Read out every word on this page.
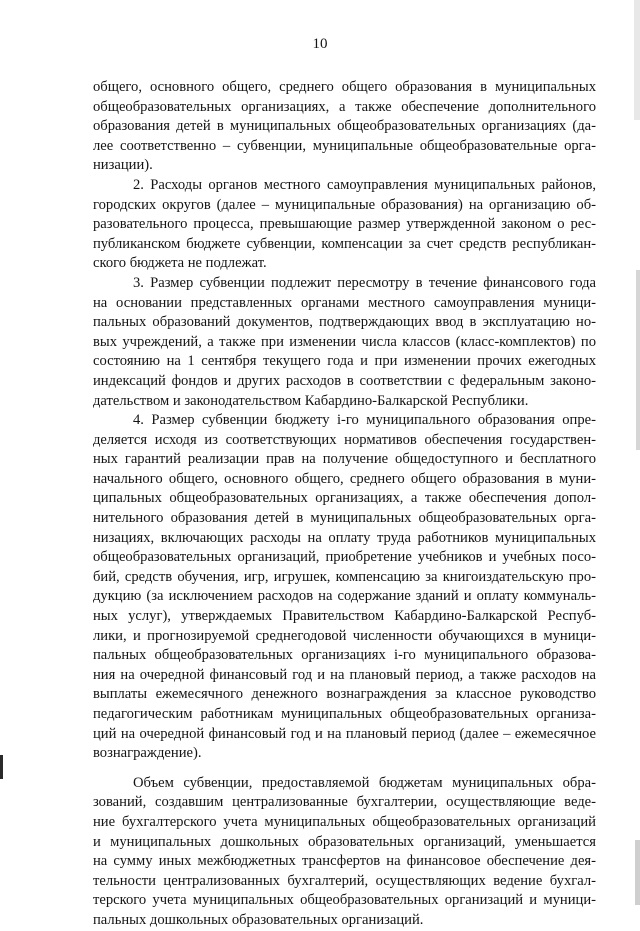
10
общего, основного общего, среднего общего образования в муниципальных
общеобразовательных организациях, а также обеспечение дополнительного
образования детей в муниципальных общеобразовательных организациях (да-
лее соответственно – субвенции, муниципальные общеобразовательные орга-
низации).
2. Расходы органов местного самоуправления муниципальных районов,
городских округов (далее – муниципальные образования) на организацию об-
разовательного процесса, превышающие размер утвержденной законом о рес-
публиканском бюджете субвенции, компенсации за счет средств республикан-
ского бюджета не подлежат.
3. Размер субвенции подлежит пересмотру в течение финансового года
на основании представленных органами местного самоуправления муници-
пальных образований документов, подтверждающих ввод в эксплуатацию но-
вых учреждений, а также при изменении числа классов (класс-комплектов) по
состоянию на 1 сентября текущего года и при изменении прочих ежегодных
индексаций фондов и других расходов в соответствии с федеральным законо-
дательством и законодательством Кабардино-Балкарской Республики.
4. Размер субвенции бюджету i-го муниципального образования опре-
деляется исходя из соответствующих нормативов обеспечения государствен-
ных гарантий реализации прав на получение общедоступного и бесплатного
начального общего, основного общего, среднего общего образования в муни-
ципальных общеобразовательных организациях, а также обеспечения допол-
нительного образования детей в муниципальных общеобразовательных орга-
низациях, включающих расходы на оплату труда работников муниципальных
общеобразовательных организаций, приобретение учебников и учебных посо-
бий, средств обучения, игр, игрушек, компенсацию за книгоиздательскую про-
дукцию (за исключением расходов на содержание зданий и оплату коммуналь-
ных услуг), утверждаемых Правительством Кабардино-Балкарской Респуб-
лики, и прогнозируемой среднегодовой численности обучающихся в муници-
пальных общеобразовательных организациях i-го муниципального образова-
ния на очередной финансовый год и на плановый период, а также расходов на
выплаты ежемесячного денежного вознаграждения за классное руководство
педагогическим работникам муниципальных общеобразовательных организа-
ций на очередной финансовый год и на плановый период (далее – ежемесячное
вознаграждение).
Объем субвенции, предоставляемой бюджетам муниципальных обра-
зований, создавшим централизованные бухгалтерии, осуществляющие веде-
ние бухгалтерского учета муниципальных общеобразовательных организаций
и муниципальных дошкольных образовательных организаций, уменьшается
на сумму иных межбюджетных трансфертов на финансовое обеспечение дея-
тельности централизованных бухгалтерий, осуществляющих ведение бухгал-
терского учета муниципальных общеобразовательных организаций и муници-
пальных дошкольных образовательных организаций.
